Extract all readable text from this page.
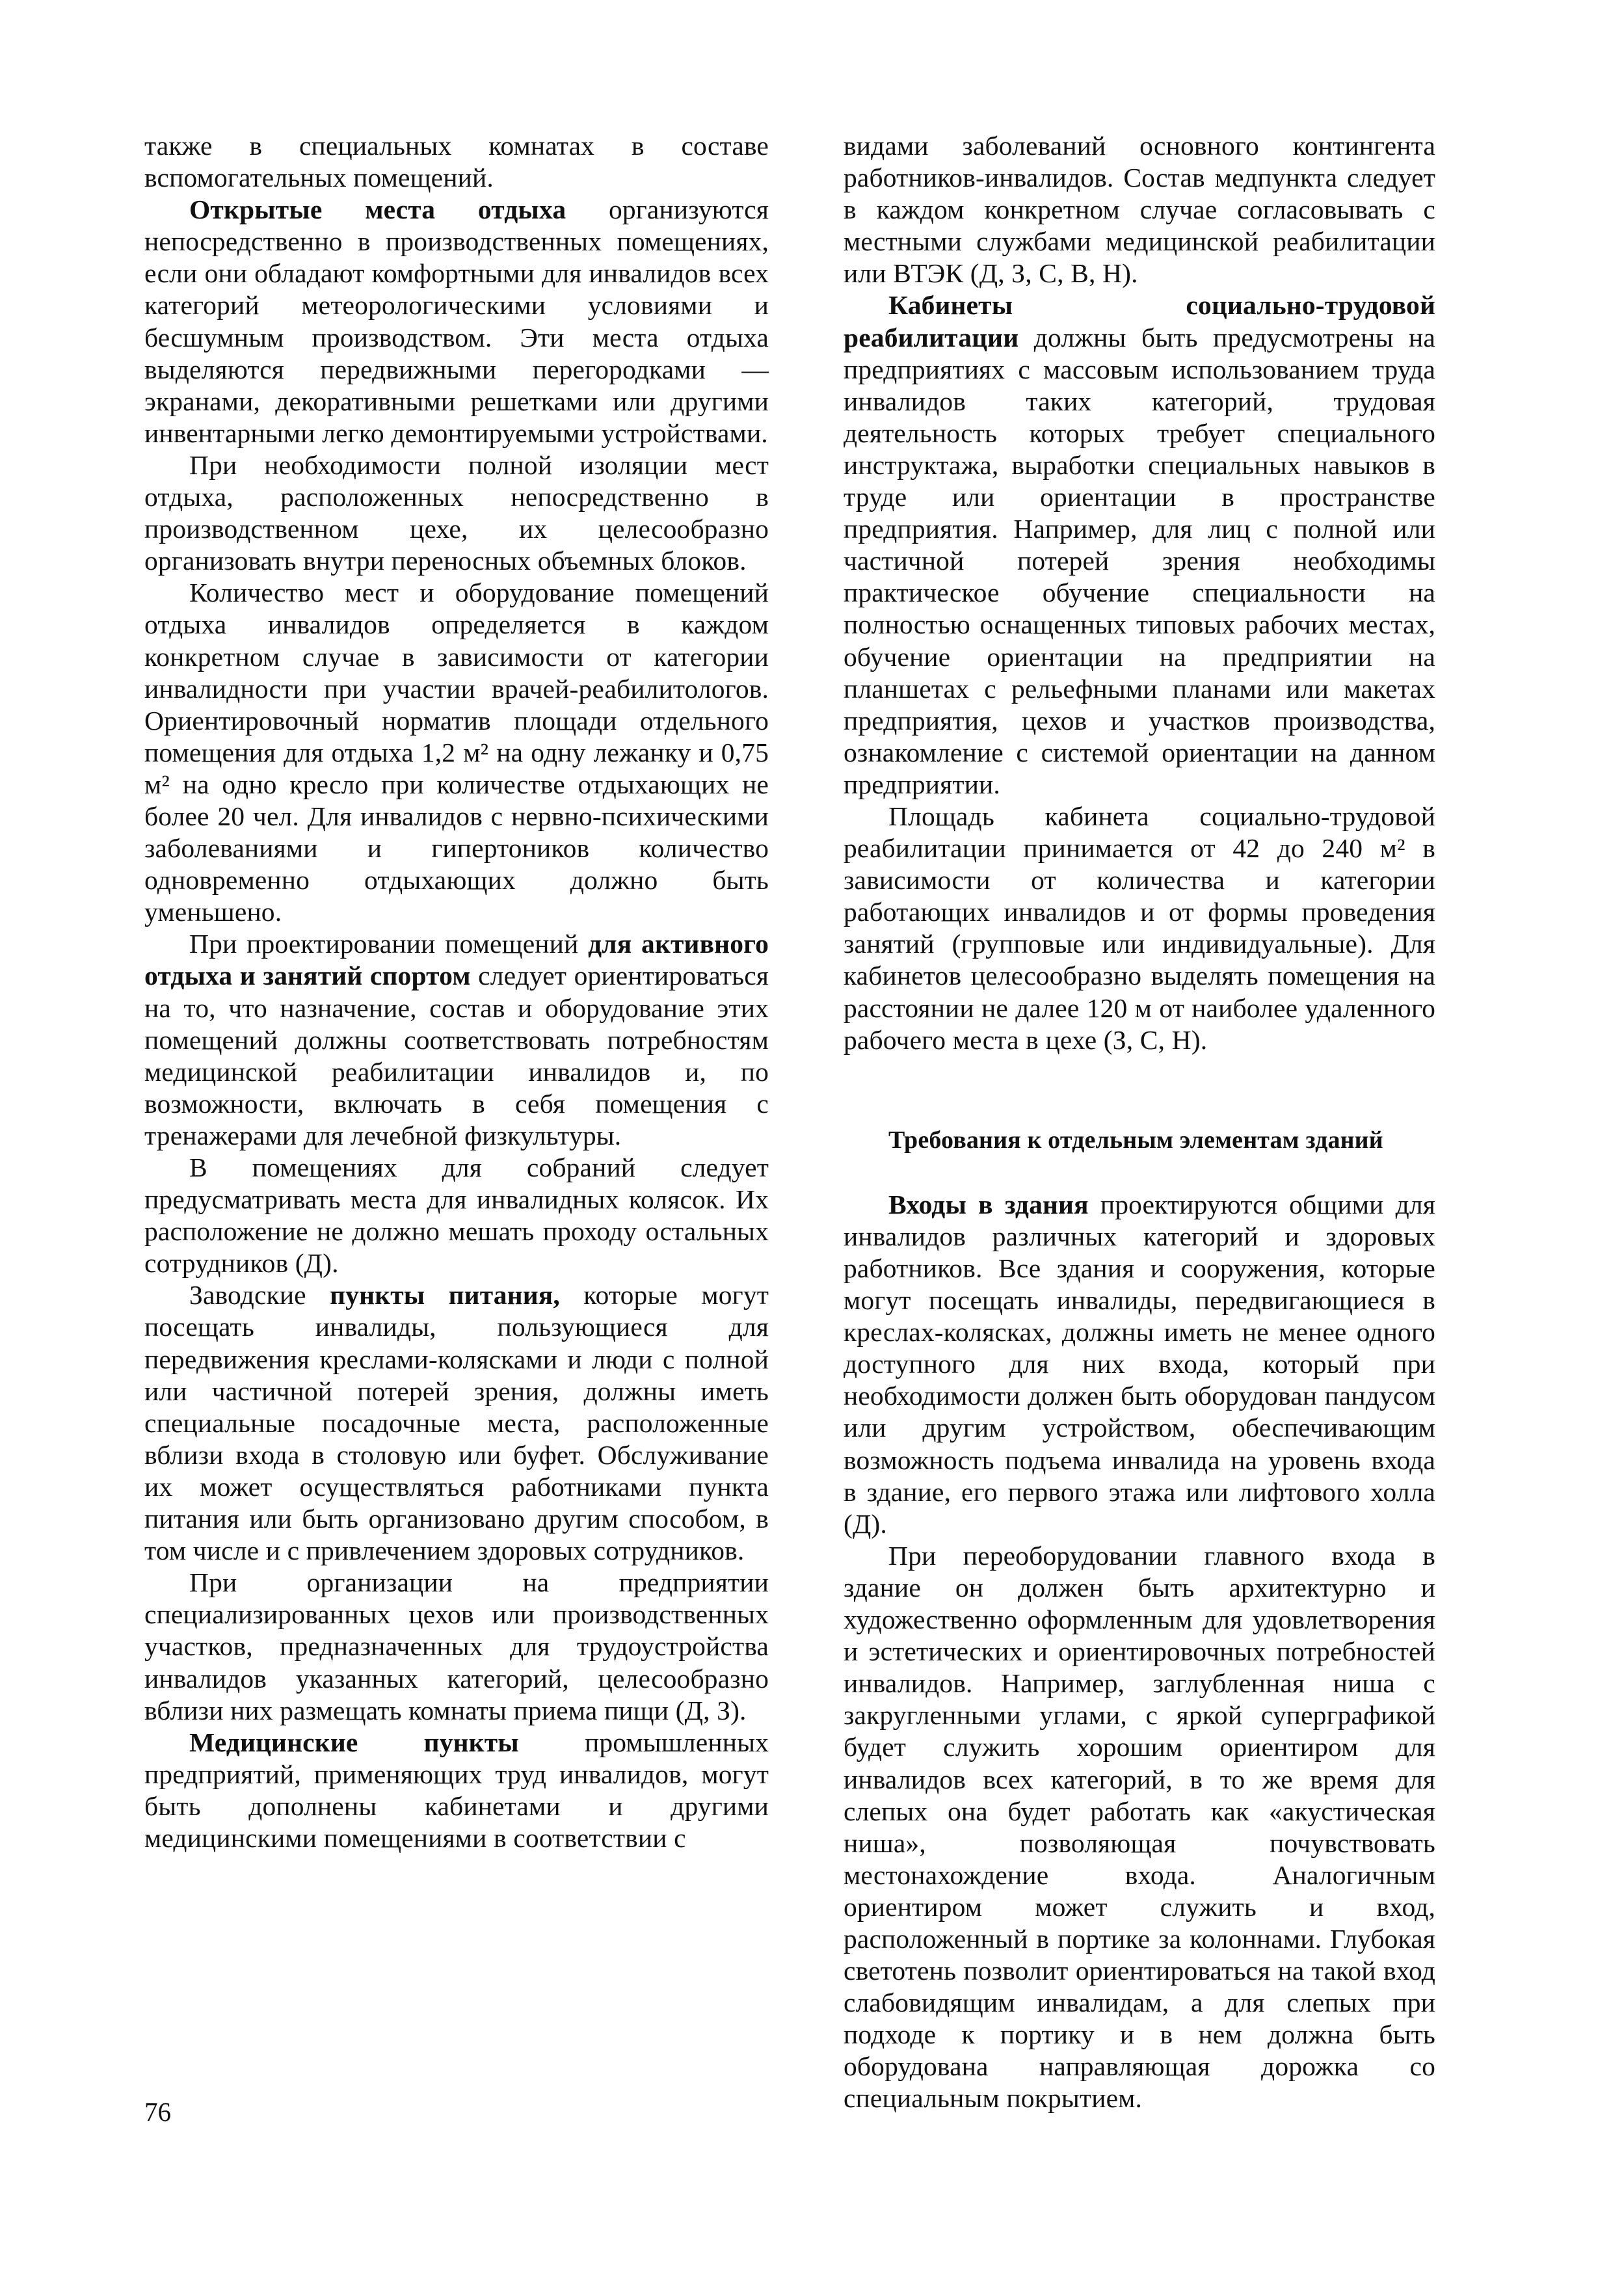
также в специальных комнатах в составе вспомогательных помещений.

Открытые места отдыха организуются непосредственно в производственных помещениях, если они обладают комфортными для инвалидов всех категорий метеорологическими условиями и бесшумным производством. Эти места отдыха выделяются передвижными перегородками — экранами, декоративными решетками или другими инвентарными легко демонтируемыми устройствами.

При необходимости полной изоляции мест отдыха, расположенных непосредственно в производственном цехе, их целесообразно организовать внутри переносных объемных блоков.

Количество мест и оборудование помещений отдыха инвалидов определяется в каждом конкретном случае в зависимости от категории инвалидности при участии врачей-реабилитологов. Ориентировочный норматив площади отдельного помещения для отдыха 1,2 м² на одну лежанку и 0,75 м² на одно кресло при количестве отдыхающих не более 20 чел. Для инвалидов с нервно-психическими заболеваниями и гипертоников количество одновременно отдыхающих должно быть уменьшено.

При проектировании помещений для активного отдыха и занятий спортом следует ориентироваться на то, что назначение, состав и оборудование этих помещений должны соответствовать потребностям медицинской реабилитации инвалидов и, по возможности, включать в себя помещения с тренажерами для лечебной физкультуры.

В помещениях для собраний следует предусматривать места для инвалидных колясок. Их расположение не должно мешать проходу остальных сотрудников (Д).

Заводские пункты питания, которые могут посещать инвалиды, пользующиеся для передвижения креслами-колясками и люди с полной или частичной потерей зрения, должны иметь специальные посадочные места, расположенные вблизи входа в столовую или буфет. Обслуживание их может осуществляться работниками пункта питания или быть организовано другим способом, в том числе и с привлечением здоровых сотрудников.

При организации на предприятии специализированных цехов или производственных участков, предназначенных для трудоустройства инвалидов указанных категорий, целесообразно вблизи них размещать комнаты приема пищи (Д, З).

Медицинские пункты промышленных предприятий, применяющих труд инвалидов, могут быть дополнены кабинетами и другими медицинскими помещениями в соответствии с

видами заболеваний основного контингента работников-инвалидов. Состав медпункта следует в каждом конкретном случае согласовывать с местными службами медицинской реабилитации или ВТЭК (Д, З, С, В, Н).

Кабинеты социально-трудовой реабилитации должны быть предусмотрены на предприятиях с массовым использованием труда инвалидов таких категорий, трудовая деятельность которых требует специального инструктажа, выработки специальных навыков в труде или ориентации в пространстве предприятия. Например, для лиц с полной или частичной потерей зрения необходимы практическое обучение специальности на полностью оснащенных типовых рабочих местах, обучение ориентации на предприятии на планшетах с рельефными планами или макетах предприятия, цехов и участков производства, ознакомление с системой ориентации на данном предприятии.

Площадь кабинета социально-трудовой реабилитации принимается от 42 до 240 м² в зависимости от количества и категории работающих инвалидов и от формы проведения занятий (групповые или индивидуальные). Для кабинетов целесообразно выделять помещения на расстоянии не далее 120 м от наиболее удаленного рабочего места в цехе (З, С, Н).

Требования к отдельным элементам зданий

Входы в здания проектируются общими для инвалидов различных категорий и здоровых работников. Все здания и сооружения, которые могут посещать инвалиды, передвигающиеся в креслах-колясках, должны иметь не менее одного доступного для них входа, который при необходимости должен быть оборудован пандусом или другим устройством, обеспечивающим возможность подъема инвалида на уровень входа в здание, его первого этажа или лифтового холла (Д).

При переоборудовании главного входа в здание он должен быть архитектурно и художественно оформленным для удовлетворения и эстетических и ориентировочных потребностей инвалидов. Например, заглубленная ниша с закругленными углами, с яркой суперграфикой будет служить хорошим ориентиром для инвалидов всех категорий, в то же время для слепых она будет работать как «акустическая ниша», позволяющая почувствовать местонахождение входа. Аналогичным ориентиром может служить и вход, расположенный в портике за колоннами. Глубокая светотень позволит ориентироваться на такой вход слабовидящим инвалидам, а для слепых при подходе к портику и в нем должна быть оборудована направляющая дорожка со специальным покрытием.

76
